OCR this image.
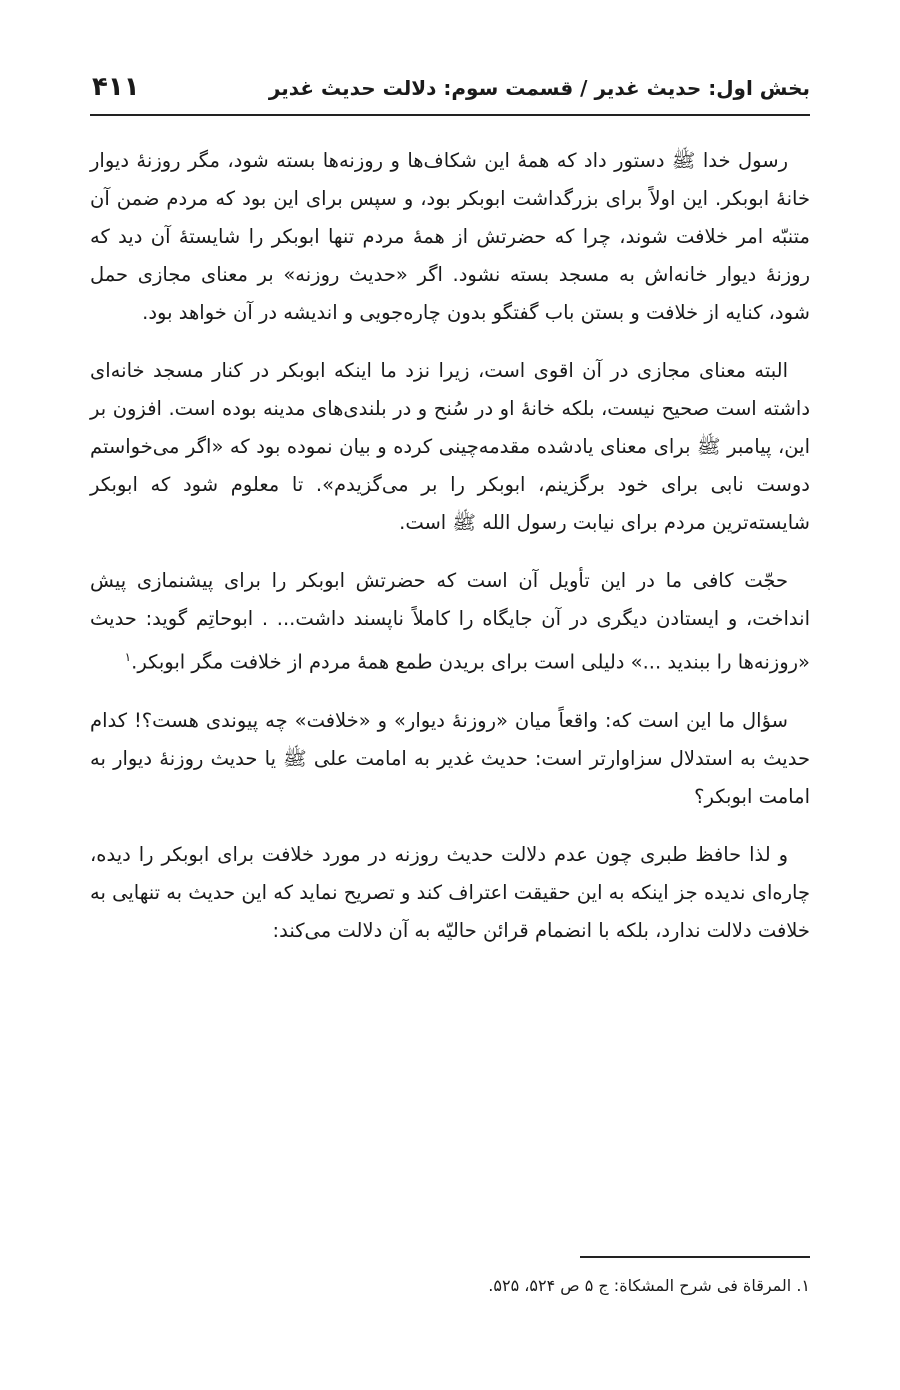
بخش اول: حدیث غدیر / قسمت سوم: دلالت حدیث غدیر
۴۱۱

رسول خدا ﷺ دستور داد که همهٔ این شکاف‌ها و روزنه‌ها بسته شود، مگر روزنهٔ دیوار خانهٔ ابوبکر. این اولاً برای بزرگداشت ابوبکر بود، و سپس برای این بود که مردم ضمن آن متنبّه امر خلافت شوند، چرا که حضرتش از همهٔ مردم تنها ابوبکر را شایستهٔ آن دید که روزنهٔ دیوار خانه‌اش به مسجد بسته نشود. اگر «حدیث روزنه» بر معنای مجازی حمل شود، کنایه از خلافت و بستن باب گفتگو بدون چاره‌جویی و اندیشه در آن خواهد بود.

البته معنای مجازی در آن اقوی است، زیرا نزد ما اینکه ابوبکر در کنار مسجد خانه‌ای داشته است صحیح نیست، بلکه خانهٔ او در سُنح و در بلندی‌های مدینه بوده است. افزون بر این، پیامبر ﷺ برای معنای یادشده مقدمه‌چینی کرده و بیان نموده بود که «اگر می‌خواستم دوست نابی برای خود برگزینم، ابوبکر را بر می‌گزیدم». تا معلوم شود که ابوبکر شایسته‌ترین مردم برای نیابت رسول الله ﷺ است.

حجّت کافی ما در این تأویل آن است که حضرتش ابوبکر را برای پیشنمازی پیش انداخت، و ایستادن دیگری در آن جایگاه را کاملاً ناپسند داشت... . ابوحاتِم گوید: حدیث «روزنه‌ها را ببندید ...» دلیلی است برای بریدن طمع همهٔ مردم از خلافت مگر ابوبکر.$^۱$

سؤال ما این است که: واقعاً میان «روزنهٔ دیوار» و «خلافت» چه پیوندی هست؟! کدام حدیث به استدلال سزاوارتر است: حدیث غدیر به امامت علی ﷺ یا حدیث روزنهٔ دیوار به امامت ابوبکر؟

و لذا حافظ طبری چون عدم دلالت حدیث روزنه در مورد خلافت برای ابوبکر را دیده، چاره‌ای ندیده جز اینکه به این حقیقت اعتراف کند و تصریح نماید که این حدیث به تنهایی به خلافت دلالت ندارد، بلکه با انضمام قرائن حالیّه به آن دلالت می‌کند:

۱. المرقاة فی شرح المشکاة: ج ۵ ص ۵۲۴، ۵۲۵.
